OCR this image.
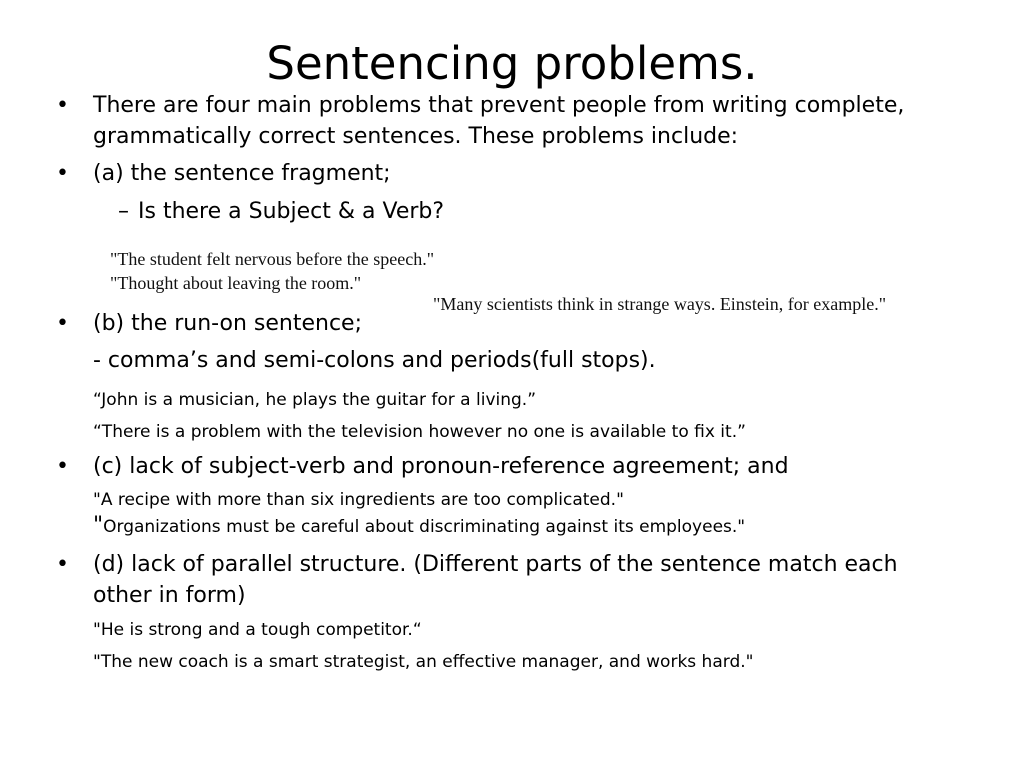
Sentencing problems.
• There are four main problems that prevent people from writing complete,
grammatically correct sentences. These problems include:
• (a) the sentence fragment;
– Is there a Subject & a Verb?
"The student felt nervous before the speech."
"Thought about leaving the room."
"Many scientists think in strange ways. Einstein, for example."
• (b) the run-on sentence;
- comma’s and semi-colons and periods(full stops).
“John is a musician, he plays the guitar for a living.”
“There is a problem with the television however no one is available to fix it.”
• (c) lack of subject-verb and pronoun-reference agreement; and
"A recipe with more than six ingredients are too complicated."
"Organizations must be careful about discriminating against its employees."
• (d) lack of parallel structure. (Different parts of the sentence match each
other in form)
"He is strong and a tough competitor.“
"The new coach is a smart strategist, an effective manager, and works hard."
